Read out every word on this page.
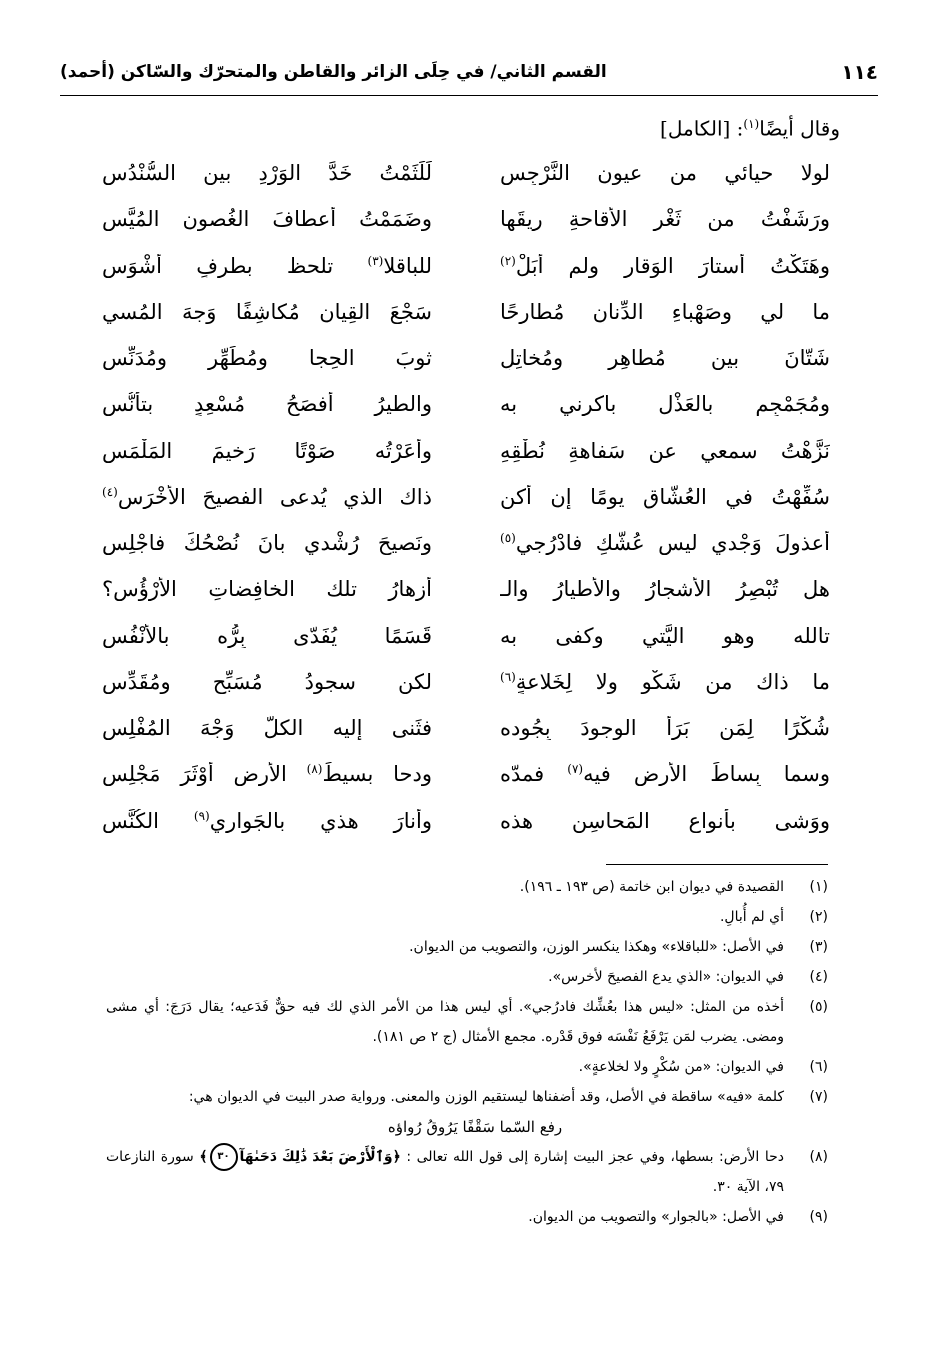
١١٤
القسم الثاني/ في حِلَى الزائر والقاطن والمتحرّك والسّاكن (أحمد)
وقال أيضًا$^{(١)}$: [الكامل]
لولا حيائي من عيونِ النَّرْجِسِ
لَلَثَمْتُ خَدَّ الوَرْدِ بين السُّنْدُسِ
ورَشَفْتُ من ثَغْرِ الأقاحةِ ريقَها
وضَمَمْتُ أعطافَ الغُصون المُيَّسِ
وهَتَكْتُ أستارَ الوَقار ولم أُبَلْ$^{(٢)}$
للباقلا$^{(٣)}$ تلحظ بطرفٍ أشْوَسِ
ما لي وصَهْباءِ الدِّنانِ مُطارِحًا
سَجْعَ القِيانِ مُكاشِفًا وَجهَ المُسي
شَتّانَ بين مُطاهِرٍ ومُخاتِلٍ
ثوبَ الحِجا ومُطَهِّرٍ ومُدَنِّسِ
ومُجَمْجِمٍ بالعَذْلِ باكرني به
والطيرُ أفصَحُ مُسْعِدٍ بتأنُّسِ
نَزَّهْتُ سمعي عن سَفاهةِ نُطْقِهِ
وأَعَرْتُه صَوْتًا رَخيمَ المَلْمَسِ
سُفِّهْتُ في العُشّاقِ يومًا إن أكن
ذاك الذي يُدعى الفصيحَ الأخْرَسِ$^{(٤)}$
أعذولَ وَجْدي ليس عُشُّكِ فادْرُجي$^{(٥)}$
ونَصيحَ رُشْدي بانَ نُصْحُكَ فاجْلِسِ
هل تُبْصِرُ الأشجارُ والأطيارُ والـ
أزهارُ تلك الخافِضاتِ الأرْؤُسِ؟
تالله وهو اليَّتي وكفى به
قَسَمًا يُفَدّى بِرُّه بالأنْفُسِ
ما ذاك من شَكْوٍ ولا لِخَلاعةٍ$^{(٦)}$
لكن سجودُ مُسَبِّحٍ ومُقَدِّسِ
شُكْرًا لِمَن بَرَأَ الوجودَ بِجُوده
فثَنى إليه الكلُّ وَجْهَ المُفْلِسِ
وسما بِساطَ الأرض فيه$^{(٧)}$ فمدّه
ودحا بسيطَ$^{(٨)}$ الأرضِ أوْثَرَ مَجْلِسِ
ووَشى بأنواعِ المَحاسِنِ هذه
وأنارَ هذي بالجَواري$^{(٩)}$ الكُنَّسِ
(١)
القصيدة في ديوان ابن خاتمة (ص ١٩٣ ـ ١٩٦).
(٢)
أي لم أُبالِ.
(٣)
في الأصل: «للباقلاء» وهكذا ينكسر الوزن، والتصويب من الديوان.
(٤)
في الديوان: «الذي يدع الفصيحَ لأخرس».
(٥)
أخذه من المثل: «ليس هذا بعُشِّك فادرُجي». أي ليس هذا من الأمر الذي لك فيه حقٌّ فَدَعيه؛ يقال دَرَجَ: أي مشى ومضى. يضرب لمَن يَرْفَعُ نَفْسَه فوق قَدْره. مجمع الأمثال (ج ٢ ص ١٨١).
(٦)
في الديوان: «من سُكْرٍ ولا لخلاعةٍ».
(٧)
كلمة «فيه» ساقطة في الأصل، وقد أضفناها ليستقيم الوزن والمعنى. ورواية صدر البيت في الديوان هي:
رفع السّما سَقْفًا يَرُوقُ رُواؤه
(٨)
دحا الأرض: بسطها، وفي عجز البيت إشارة إلى قول الله تعالى : ﴿وَٱلْأَرْضَ بَعْدَ ذَٰلِكَ دَحَىٰهَآ٣٠﴾ سورة النازعات ٧٩، الآية ٣٠.
(٩)
في الأصل: «بالجوار» والتصويب من الديوان.
